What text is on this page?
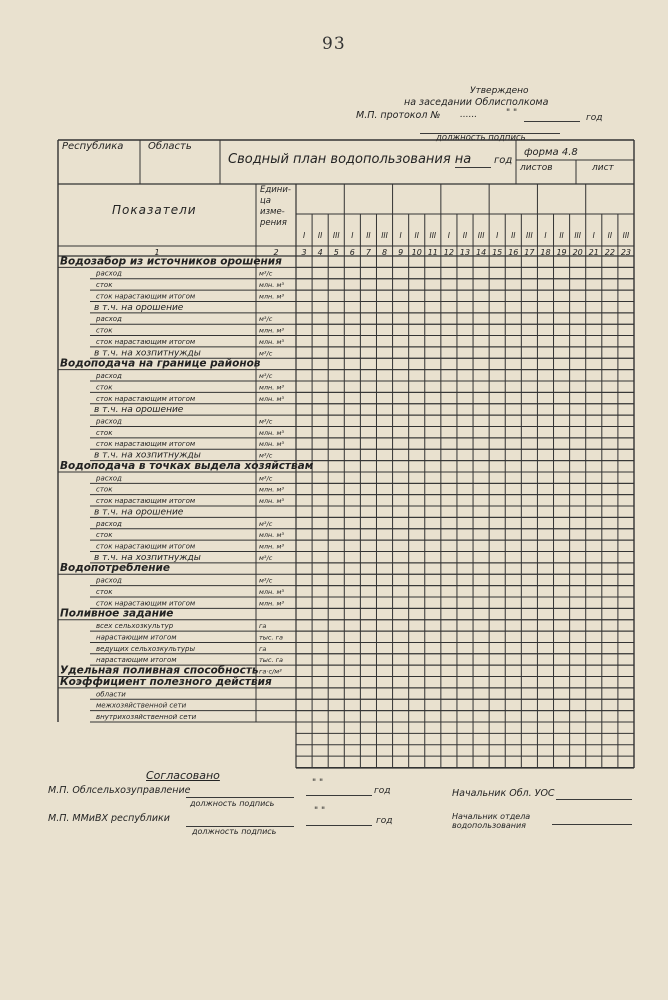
93
Утверждено
на заседании Облисполкома
М.П. протокол № ......	" "	год
должность подпись
I II III I II III I II III I II III I II III I II III I II III
1	2	3 4 5 6 7 8 9 10 11 12 13 14 15 16 17 18 19 20 21 22 23
Водозабор из источников орошения
расход	м³/с
сток	млн. м³
сток нарастающим итогом	млн. м³
в т.ч. на орошение
расход	м³/с
сток	млн. м³
сток нарастающим итогом	млн. м³
в т.ч. на хозпитнужды	м³/с
Водоподача на границе районов
расход	м³/с
сток	млн. м³
сток нарастающим итогом	млн. м³
в т.ч. на орошение
расход	м³/с
сток	млн. м³
сток нарастающим итогом	млн. м³
в т.ч. на хозпитнужды	м³/с
Водоподача в точках выдела хозяйствам
расход	м³/с
сток	млн. м³
сток нарастающим итогом	млн. м³
в т.ч. на орошение
расход	м³/с
сток	млн. м³
сток нарастающим итогом	млн. м³
в т.ч. на хозпитнужды	м³/с
Водопотребление
расход	м³/с
сток	млн. м³
сток нарастающим итогом	млн. м³
Поливное задание
всех сельхозкультур	га
нарастающим итогом	тыс. га
ведущих сельхозкультуры	га
нарастающим итогом	тыс. га
Удельная поливная способность га·с/м³
Коэффициент полезного действия
области
межхозяйственной сети
внутрихозяйственной сети
Республика Область
Сводный план водопользования на год
форма 4.8
листов	лист
Показатели
Едини-
ца
изме-
рения
Согласовано
М.П. Облсельхозуправление
должность подпись
" "
год
М.П. ММиВХ республики
должность подпись
" "
год
Начальник Обл. УОС
Начальник отдела водопользования
